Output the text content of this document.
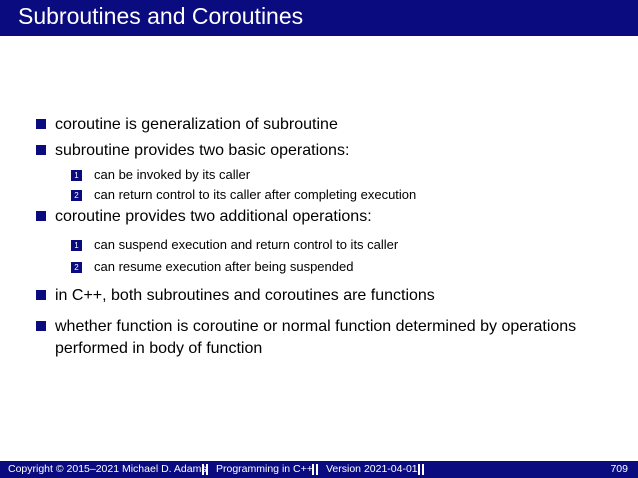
Subroutines and Coroutines
coroutine is generalization of subroutine
subroutine provides two basic operations:
1 can be invoked by its caller
2 can return control to its caller after completing execution
coroutine provides two additional operations:
1 can suspend execution and return control to its caller
2 can resume execution after being suspended
in C++, both subroutines and coroutines are functions
whether function is coroutine or normal function determined by operations performed in body of function
Copyright © 2015–2021 Michael D. Adams Programming in C++ Version 2021-04-01	709
